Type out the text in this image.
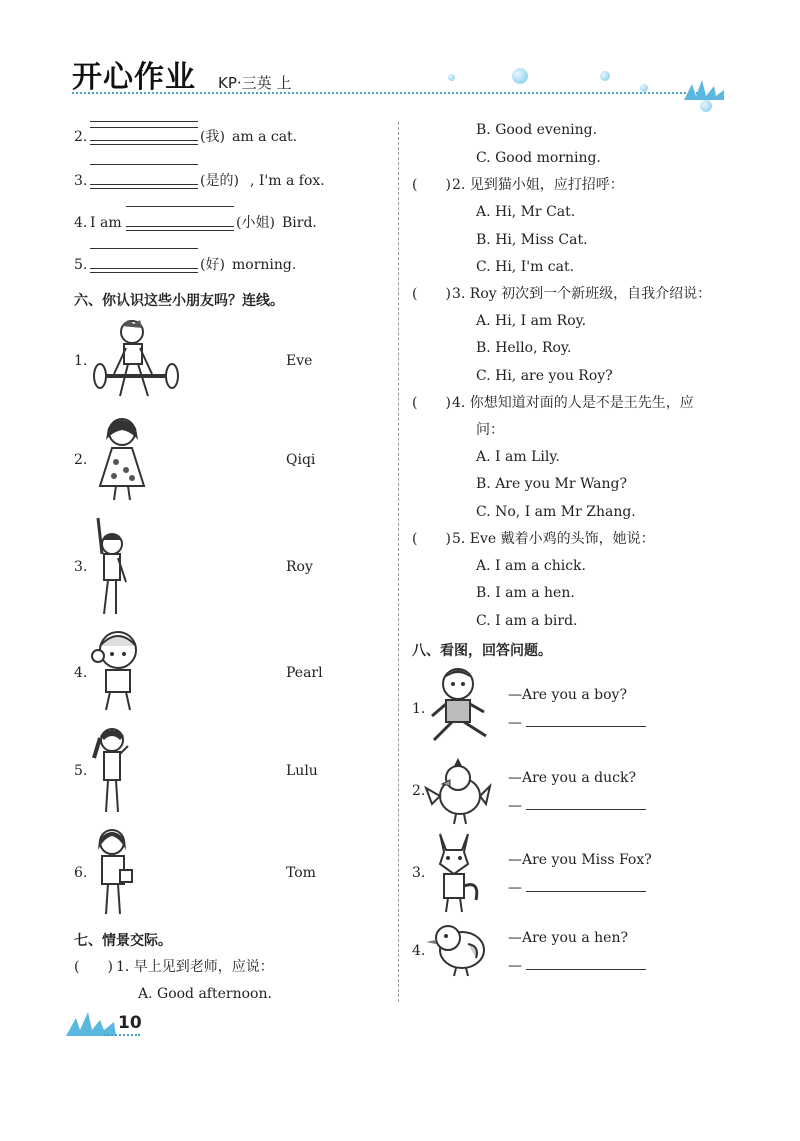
开心作业 KP·三英 上
2.	(我) am a cat.
3.	(是的) , I'm a fox.
4. I am	(小姐) Bird.
5.	(好) morning.
六、你认识这些小朋友吗？连线。
1.	Eve
2.	Qiqi
3.	Roy
4.	Pearl
5.	Lulu
6.	Tom
七、情景交际。
(　　) 1. 早上见到老师，应说：
A. Good afternoon.
B. Good evening.
C. Good morning.
(　　) 2. 见到猫小姐，应打招呼：
A. Hi, Mr Cat.
B. Hi, Miss Cat.
C. Hi, I'm cat.
(　　) 3. Roy 初次到一个新班级，自我介绍说：
A. Hi, I am Roy.
B. Hello, Roy.
C. Hi, are you Roy?
(　　) 4. 你想知道对面的人是不是王先生，应
问：
A. I am Lily.
B. Are you Mr Wang?
C. No, I am Mr Zhang.
(　　) 5. Eve 戴着小鸡的头饰，她说：
A. I am a chick.
B. I am a hen.
C. I am a bird.
八、看图，回答问题。
1.
—Are you a boy?
—
2.
—Are you a duck?
—
3.
—Are you Miss Fox?
—
4.
—Are you a hen?
—
10
